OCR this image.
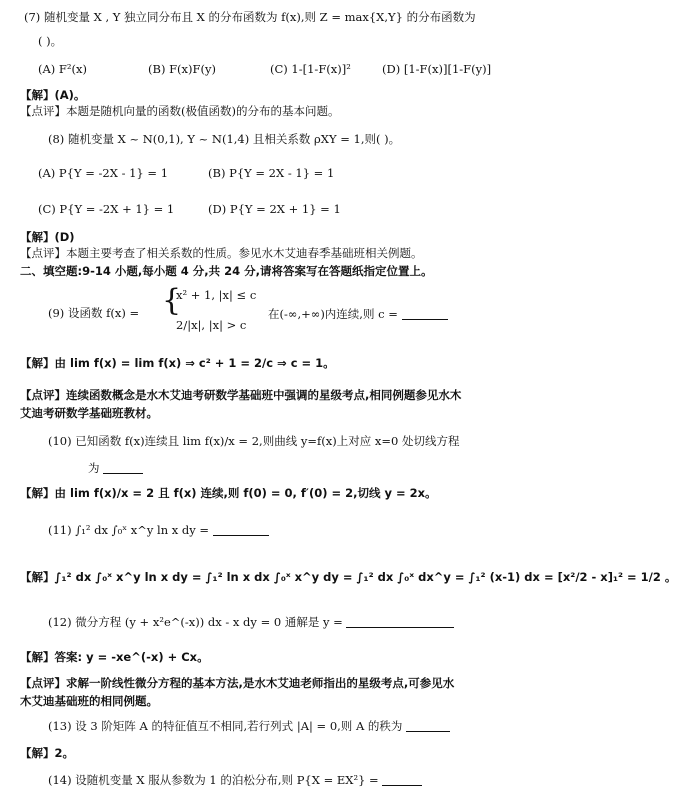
(7) 随机变量 X , Y 独立同分布且 X 的分布函数为 f(x),则 Z = max{X,Y} 的分布函数为
( )。
(A) F²(x)	(B) F(x)F(y)	(C) 1-[1-F(x)]²	(D) [1-F(x)][1-F(y)]
【解】(A)。
【点评】本题是随机向量的函数(极值函数)的分布的基本问题。
(8) 随机变量 X ~ N(0,1), Y ~ N(1,4) 且相关系数 ρXY = 1,则( )。
(A) P{Y = -2X - 1} = 1	(B) P{Y = 2X - 1} = 1
(C) P{Y = -2X + 1} = 1	(D) P{Y = 2X + 1} = 1
【解】(D)
【点评】本题主要考查了相关系数的性质。参见水木艾迪春季基础班相关例题。
二、填空题:9-14 小题,每小题 4 分,共 24 分,请将答案写在答题纸指定位置上。
(9) 设函数 f(x) = {
x² + 1, |x| ≤ c
2/|x|, |x| > c
在(-∞,+∞)内连续,则 c =
【解】由 lim f(x) = lim f(x) ⇒ c² + 1 = 2/c ⇒ c = 1。
【点评】连续函数概念是水木艾迪考研数学基础班中强调的星级考点,相同例题参见水木
艾迪考研数学基础班教材。
(10) 已知函数 f(x)连续且 lim f(x)/x = 2,则曲线 y=f(x)上对应 x=0 处切线方程
为
【解】由 lim f(x)/x = 2 且 f(x) 连续,则 f(0) = 0, f′(0) = 2,切线 y = 2x。
(11) ∫₁² dx ∫₀ˣ x^y ln x dy =
【解】∫₁² dx ∫₀ˣ x^y ln x dy = ∫₁² ln x dx ∫₀ˣ x^y dy = ∫₁² dx ∫₀ˣ dx^y = ∫₁² (x-1) dx = [x²/2 - x]₁² = 1/2 。
(12) 微分方程 (y + x²e^(-x)) dx - x dy = 0 通解是 y =
【解】答案: y = -xe^(-x) + Cx。
【点评】求解一阶线性微分方程的基本方法,是水木艾迪老师指出的星级考点,可参见水
木艾迪基础班的相同例题。
(13) 设 3 阶矩阵 A 的特征值互不相同,若行列式 |A| = 0,则 A 的秩为
【解】2。
(14) 设随机变量 X 服从参数为 1 的泊松分布,则 P{X = EX²} =
